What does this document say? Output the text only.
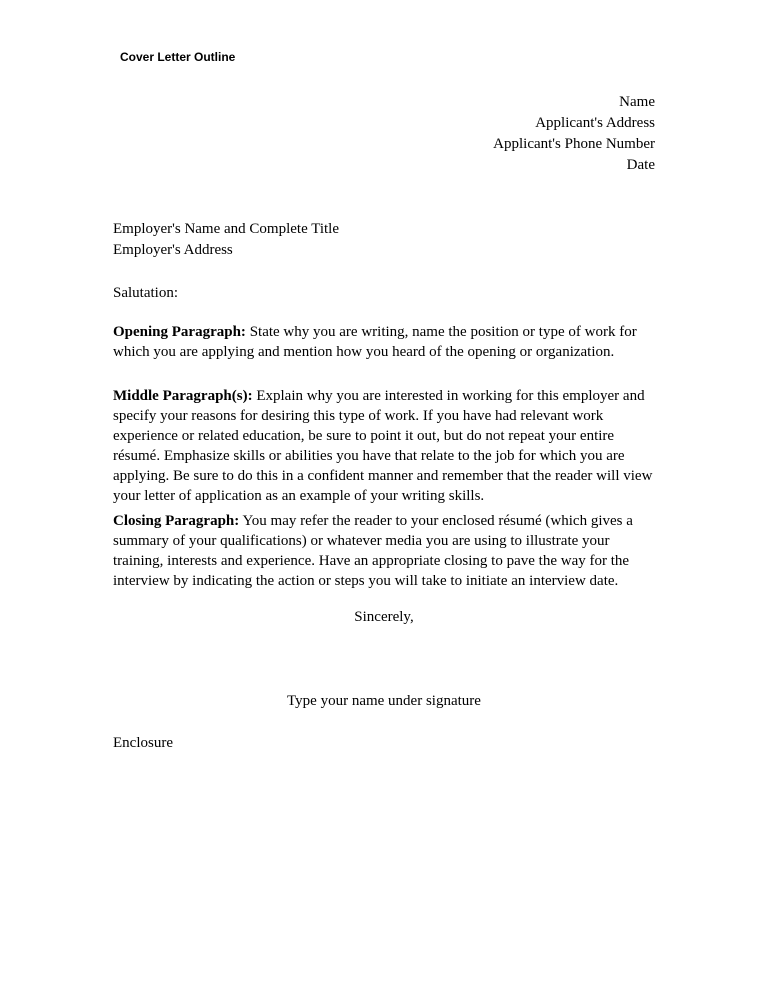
Cover Letter Outline
Name
Applicant's Address
Applicant's Phone Number
Date
Employer's Name and Complete Title
Employer's Address
Salutation:
Opening Paragraph: State why you are writing, name the position or type of work for which you are applying and mention how you heard of the opening or organization.
Middle Paragraph(s): Explain why you are interested in working for this employer and specify your reasons for desiring this type of work. If you have had relevant work experience or related education, be sure to point it out, but do not repeat your entire résumé. Emphasize skills or abilities you have that relate to the job for which you are applying. Be sure to do this in a confident manner and remember that the reader will view your letter of application as an example of your writing skills.
Closing Paragraph: You may refer the reader to your enclosed résumé (which gives a summary of your qualifications) or whatever media you are using to illustrate your training, interests and experience. Have an appropriate closing to pave the way for the interview by indicating the action or steps you will take to initiate an interview date.
Sincerely,
Type your name under signature
Enclosure
